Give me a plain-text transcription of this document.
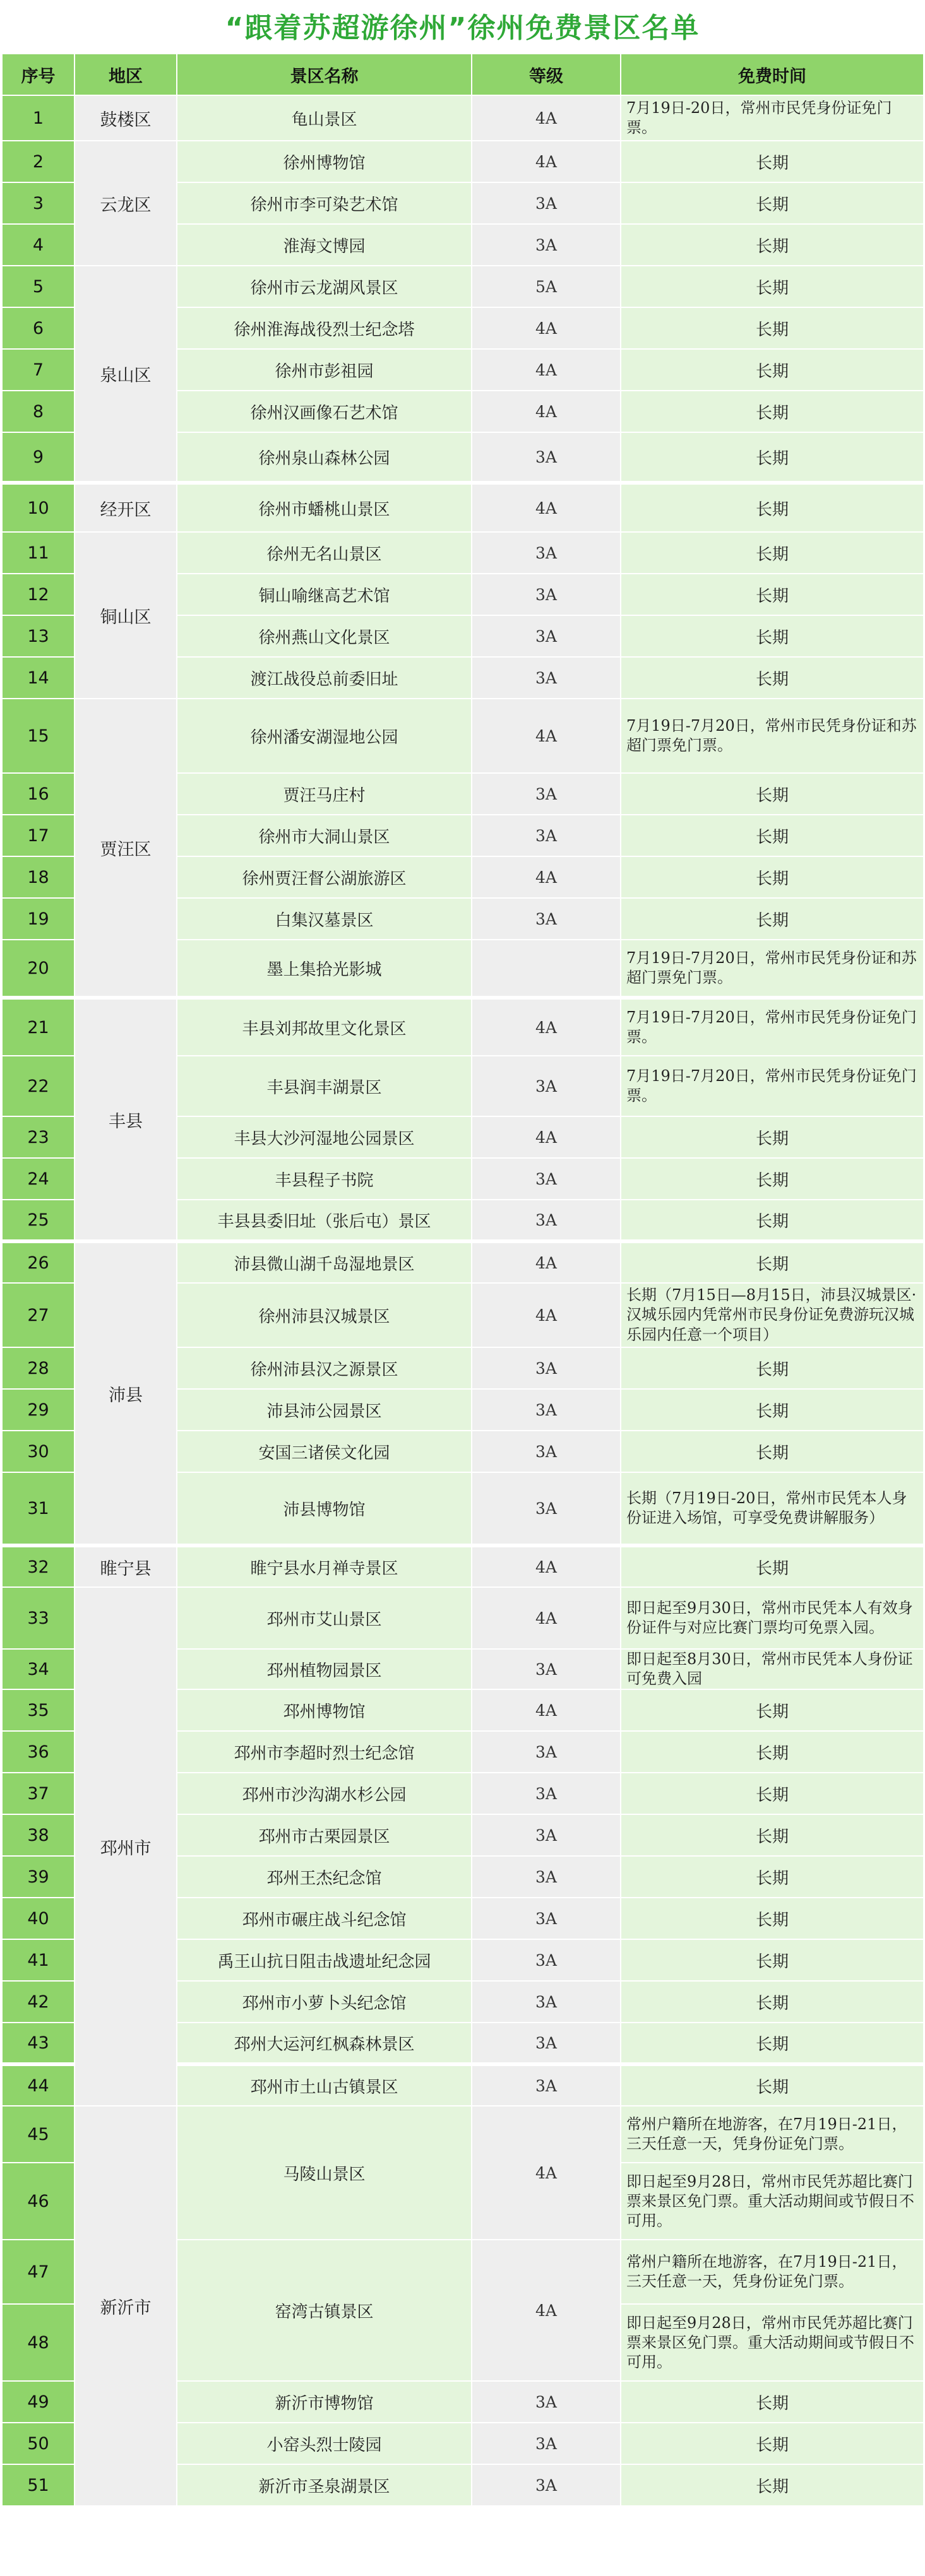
“跟着苏超游徐州”徐州免费景区名单
序号	地区	景区名称	等级	免费时间
1	鼓楼区	龟山景区	4A	7月19日-20日，常州市民凭身份证免门票。
2	云龙区	徐州博物馆	4A	长期
3		徐州市李可染艺术馆	3A	长期
4		淮海文博园	3A	长期
5	泉山区	徐州市云龙湖风景区	5A	长期
6		徐州淮海战役烈士纪念塔	4A	长期
7		徐州市彭祖园	4A	长期
8		徐州汉画像石艺术馆	4A	长期
9		徐州泉山森林公园	3A	长期
10	经开区	徐州市蟠桃山景区	4A	长期
11	铜山区	徐州无名山景区	3A	长期
12		铜山喻继高艺术馆	3A	长期
13		徐州燕山文化景区	3A	长期
14		渡江战役总前委旧址	3A	长期
15	贾汪区	徐州潘安湖湿地公园	4A	7月19日-7月20日，常州市民凭身份证和苏超门票免门票。
16		贾汪马庄村	3A	长期
17		徐州市大洞山景区	3A	长期
18		徐州贾汪督公湖旅游区	4A	长期
19		白集汉墓景区	3A	长期
20		墨上集拾光影城		7月19日-7月20日，常州市民凭身份证和苏超门票免门票。
21	丰县	丰县刘邦故里文化景区	4A	7月19日-7月20日，常州市民凭身份证免门票。
22		丰县润丰湖景区	3A	7月19日-7月20日，常州市民凭身份证免门票。
23		丰县大沙河湿地公园景区	4A	长期
24		丰县程子书院	3A	长期
25		丰县县委旧址（张后屯）景区	3A	长期
26	沛县	沛县微山湖千岛湿地景区	4A	长期
27		徐州沛县汉城景区	4A	长期（7月15日—8月15日，沛县汉城景区·汉城乐园内凭常州市民身份证免费游玩汉城乐园内任意一个项目）
28		徐州沛县汉之源景区	3A	长期
29		沛县沛公园景区	3A	长期
30		安国三诸侯文化园	3A	长期
31		沛县博物馆	3A	长期（7月19日-20日，常州市民凭本人身份证进入场馆，可享受免费讲解服务）
32	睢宁县	睢宁县水月禅寺景区	4A	长期
33	邳州市	邳州市艾山景区	4A	即日起至9月30日，常州市民凭本人有效身份证件与对应比赛门票均可免票入园。
34		邳州植物园景区	3A	即日起至8月30日，常州市民凭本人身份证可免费入园
35		邳州博物馆	4A	长期
36		邳州市李超时烈士纪念馆	3A	长期
37		邳州市沙沟湖水杉公园	3A	长期
38		邳州市古栗园景区	3A	长期
39		邳州王杰纪念馆	3A	长期
40		邳州市碾庄战斗纪念馆	3A	长期
41		禹王山抗日阻击战遗址纪念园	3A	长期
42		邳州市小萝卜头纪念馆	3A	长期
43		邳州大运河红枫森林景区	3A	长期
44		邳州市土山古镇景区	3A	长期
45	新沂市	马陵山景区	4A	常州户籍所在地游客，在7月19日-21日，三天任意一天，凭身份证免门票。
46				即日起至9月28日，常州市民凭苏超比赛门票来景区免门票。重大活动期间或节假日不可用。
47		窑湾古镇景区	4A	常州户籍所在地游客，在7月19日-21日，三天任意一天，凭身份证免门票。
48				即日起至9月28日，常州市民凭苏超比赛门票来景区免门票。重大活动期间或节假日不可用。
49		新沂市博物馆	3A	长期
50		小窑头烈士陵园	3A	长期
51		新沂市圣泉湖景区	3A	长期
